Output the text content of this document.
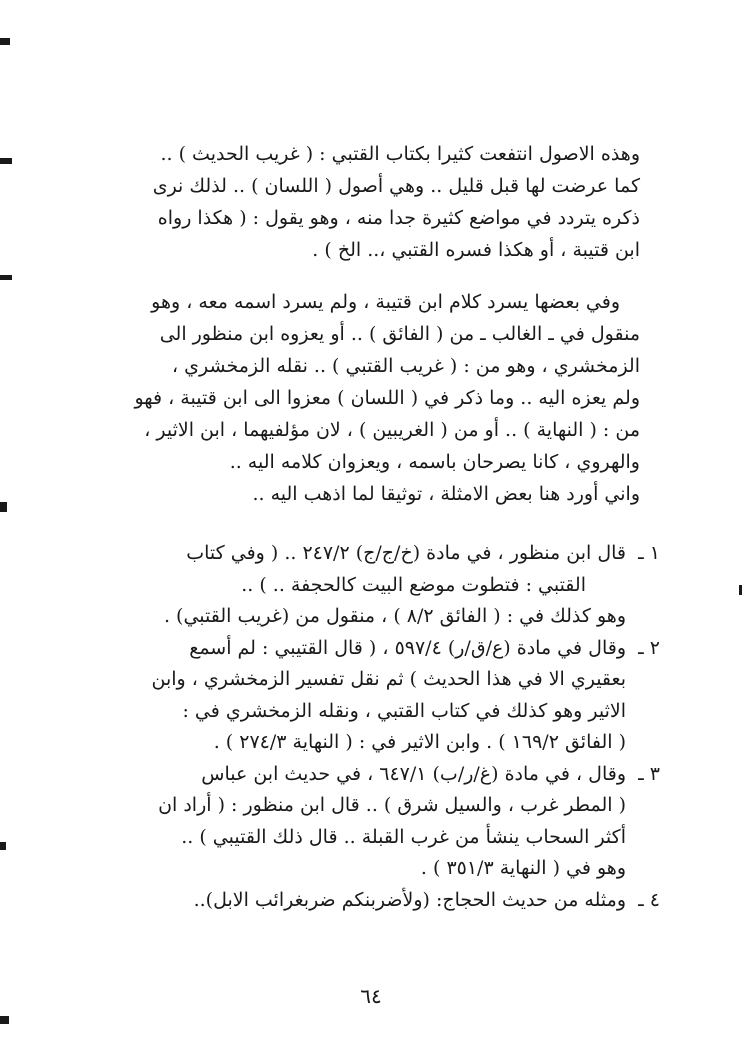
وهذه الاصول انتفعت كثيرا بكتاب القتبي : ( غريب الحديث ) ..

كما عرضت لها قبل قليل .. وهي أصول ( اللسان ) .. لذلك نرى

ذكره يتردد في مواضع كثيرة جدا منه ، وهو يقول : ( هكذا رواه

ابن قتيبة ، أو هكذا فسره القتبي ،.. الخ ) .

وفي بعضها يسرد كلام ابن قتيبة ، ولم يسرد اسمه معه ، وهو

منقول في ـ الغالب ـ من ( الفائق ) .. أو يعزوه ابن منظور الى

الزمخشري ، وهو من : ( غريب القتبي ) .. نقله الزمخشري ،

ولم يعزه اليه .. وما ذكر في ( اللسان ) معزوا الى ابن قتيبة ، فهو

من : ( النهاية ) .. أو من ( الغريبين ) ، لان مؤلفيهما ، ابن الاثير ،

والهروي ، كانا يصرحان باسمه ، ويعزوان كلامه اليه ..

واني أورد هنا بعض الامثلة ، توثيقا لما اذهب اليه ..

١ ـ
قال ابن منظور ، في مادة (خ/ج/ج) ٢٤٧/٢ .. ( وفي كتاب
القتبي : فتطوت موضع البيت كالحجفة .. ) ..
وهو كذلك في : ( الفائق ٨/٢ ) ، منقول من (غريب القتبي) .
٢ ـ
وقال في مادة (ع/ق/ر) ٥٩٧/٤ ، ( قال القتيبي : لم أسمع
بعقيري الا في هذا الحديث ) ثم نقل تفسير الزمخشري ، وابن
الاثير وهو كذلك في كتاب القتبي ، ونقله الزمخشري في :
( الفائق ١٦٩/٢ ) . وابن الاثير في : ( النهاية ٢٧٤/٣ ) .
٣ ـ
وقال ، في مادة (غ/ر/ب) ٦٤٧/١ ، في حديث ابن عباس
( المطر غرب ، والسيل شرق ) .. قال ابن منظور : ( أراد ان
أكثر السحاب ينشأ من غرب القبلة .. قال ذلك القتيبي ) ..
وهو في ( النهاية ٣٥١/٣ ) .
٤ ـ
ومثله من حديث الحجاج: (ولأضربنكم ضربغرائب الابل)..
٦٤
